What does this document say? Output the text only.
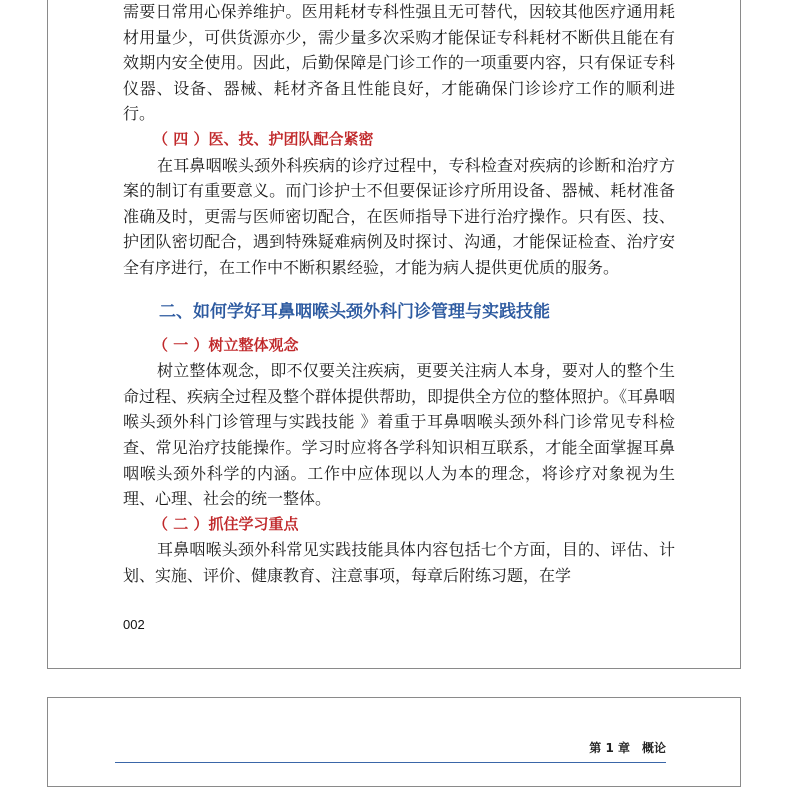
需要日常用心保养维护。医用耗材专科性强且无可替代，因较其他医疗通用耗材用量少，可供货源亦少，需少量多次采购才能保证专科耗材不断供且能在有效期内安全使用。因此，后勤保障是门诊工作的一项重要内容，只有保证专科仪器、设备、器械、耗材齐备且性能良好，才能确保门诊诊疗工作的顺利进行。

（ 四 ）医、技、护团队配合紧密

在耳鼻咽喉头颈外科疾病的诊疗过程中，专科检查对疾病的诊断和治疗方案的制订有重要意义。而门诊护士不但要保证诊疗所用设备、器械、耗材准备准确及时，更需与医师密切配合，在医师指导下进行治疗操作。只有医、技、护团队密切配合，遇到特殊疑难病例及时探讨、沟通，才能保证检查、治疗安全有序进行，在工作中不断积累经验，才能为病人提供更优质的服务。

二、如何学好耳鼻咽喉头颈外科门诊管理与实践技能
（ 一 ）树立整体观念

树立整体观念，即不仅要关注疾病，更要关注病人本身，要对人的整个生命过程、疾病全过程及整个群体提供帮助，即提供全方位的整体照护。《耳鼻咽喉头颈外科门诊管理与实践技能 》着重于耳鼻咽喉头颈外科门诊常见专科检查、常见治疗技能操作。学习时应将各学科知识相互联系，才能全面掌握耳鼻咽喉头颈外科学的内涵。工作中应体现以人为本的理念，将诊疗对象视为生理、心理、社会的统一整体。

（ 二 ）抓住学习重点

耳鼻咽喉头颈外科常见实践技能具体内容包括七个方面，目的、评估、计划、实施、评价、健康教育、注意事项，每章后附练习题，在学

002
第 1 章　概论
